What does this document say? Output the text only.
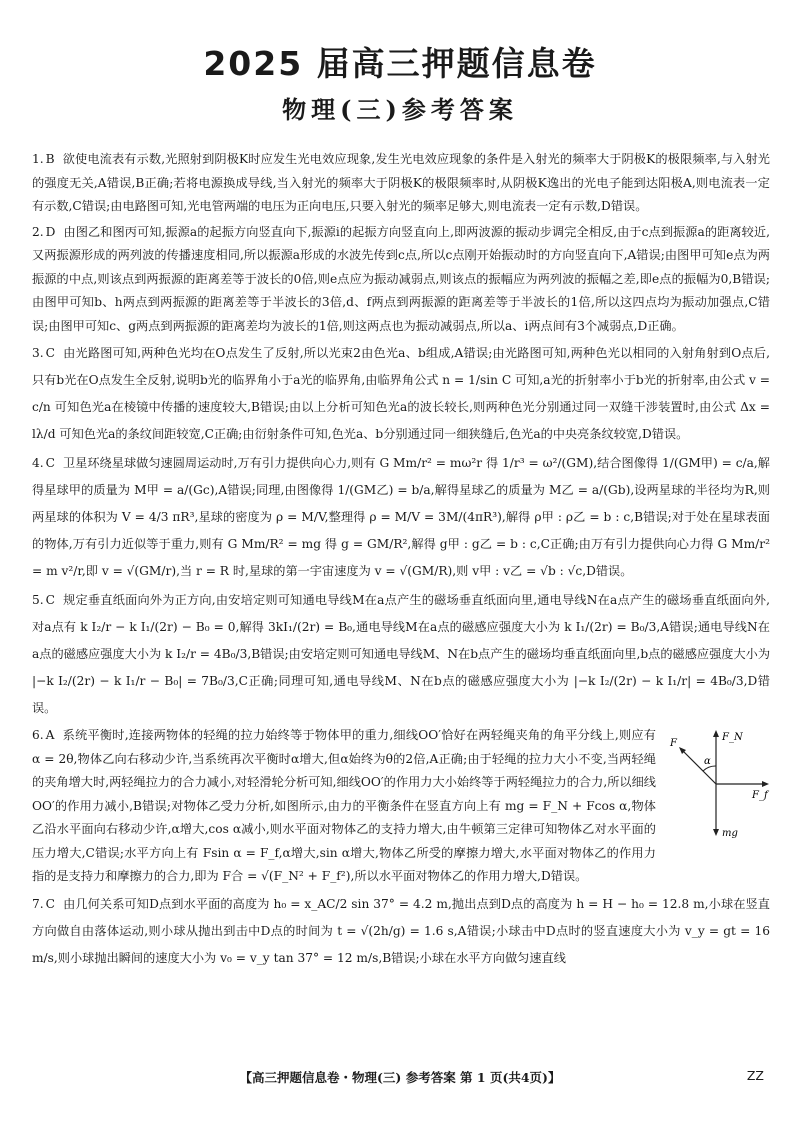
2025 届高三押题信息卷
物理(三)参考答案

1. B 欲使电流表有示数,光照射到阴极K时应发生光电效应现象,发生光电效应现象的条件是入射光的频率大于阴极K的极限频率,与入射光的强度无关,A错误,B正确;若将电源换成导线,当入射光的频率大于阴极K的极限频率时,从阴极K逸出的光电子能到达阳极A,则电流表一定有示数,C错误;由电路图可知,光电管两端的电压为正向电压,只要入射光的频率足够大,则电流表一定有示数,D错误。

2. D 由图乙和图丙可知,振源a的起振方向竖直向下,振源i的起振方向竖直向上,即两波源的振动步调完全相反,由于c点到振源a的距离较近,又两振源形成的两列波的传播速度相同,所以振源a形成的水波先传到c点,所以c点刚开始振动时的方向竖直向下,A错误;由图甲可知e点为两振源的中点,则该点到两振源的距离差等于波长的0倍,则e点应为振动减弱点,则该点的振幅应为两列波的振幅之差,即e点的振幅为0,B错误;由图甲可知b、h两点到两振源的距离差等于半波长的3倍,d、f两点到两振源的距离差等于半波长的1倍,所以这四点均为振动加强点,C错误;由图甲可知c、g两点到两振源的距离差均为波长的1倍,则这两点也为振动减弱点,所以a、i两点间有3个减弱点,D正确。

3. C 由光路图可知,两种色光均在O点发生了反射,所以光束2由色光a、b组成,A错误;由光路图可知,两种色光以相同的入射角射到O点后,只有b光在O点发生全反射,说明b光的临界角小于a光的临界角,由临界角公式 n = 1/sin C 可知,a光的折射率小于b光的折射率,由公式 v = c/n 可知色光a在棱镜中传播的速度较大,B错误;由以上分析可知色光a的波长较长,则两种色光分别通过同一双缝干涉装置时,由公式 Δx = lλ/d 可知色光a的条纹间距较宽,C正确;由衍射条件可知,色光a、b分别通过同一细狭缝后,色光a的中央亮条纹较宽,D错误。

4. C 卫星环绕星球做匀速圆周运动时,万有引力提供向心力,则有 G Mm/r² = mω²r 得 1/r³ = ω²/(GM),结合图像得 1/(GM甲) = c/a,解得星球甲的质量为 M甲 = a/(Gc),A错误;同理,由图像得 1/(GM乙) = b/a,解得星球乙的质量为 M乙 = a/(Gb),设两星球的半径均为R,则两星球的体积为 V = 4/3 πR³,星球的密度为 ρ = M/V,整理得 ρ = M/V = 3M/(4πR³),解得 ρ甲 : ρ乙 = b : c,B错误;对于处在星球表面的物体,万有引力近似等于重力,则有 G Mm/R² = mg 得 g = GM/R²,解得 g甲 : g乙 = b : c,C正确;由万有引力提供向心力得 G Mm/r² = m v²/r,即 v = √(GM/r),当 r = R 时,星球的第一宇宙速度为 v = √(GM/R),则 v甲 : v乙 = √b : √c,D错误。

5. C 规定垂直纸面向外为正方向,由安培定则可知通电导线M在a点产生的磁场垂直纸面向里,通电导线N在a点产生的磁场垂直纸面向外,对a点有 k I₂/r − k I₁/(2r) − B₀ = 0,解得 3kI₁/(2r) = B₀,通电导线M在a点的磁感应强度大小为 k I₁/(2r) = B₀/3,A错误;通电导线N在a点的磁感应强度大小为 k I₂/r = 4B₀/3,B错误;由安培定则可知通电导线M、N在b点产生的磁场均垂直纸面向里,b点的磁感应强度大小为 |−k I₂/(2r) − k I₁/r − B₀| = 7B₀/3,C正确;同理可知,通电导线M、N在b点的磁感应强度大小为 |−k I₂/(2r) − k I₁/r| = 4B₀/3,D错误。

F_N
F
α
F_f
mg
6. A 系统平衡时,连接两物体的轻绳的拉力始终等于物体甲的重力,细线OO′恰好在两轻绳夹角的角平分线上,则应有 α = 2θ,物体乙向右移动少许,当系统再次平衡时α增大,但α始终为θ的2倍,A正确;由于轻绳的拉力大小不变,当两轻绳的夹角增大时,两轻绳拉力的合力减小,对轻滑轮分析可知,细线OO′的作用力大小始终等于两轻绳拉力的合力,所以细线OO′的作用力减小,B错误;对物体乙受力分析,如图所示,由力的平衡条件在竖直方向上有 mg = F_N + Fcos α,物体乙沿水平面向右移动少许,α增大,cos α减小,则水平面对物体乙的支持力增大,由牛顿第三定律可知物体乙对水平面的压力增大,C错误;水平方向上有 Fsin α = F_f,α增大,sin α增大,物体乙所受的摩擦力增大,水平面对物体乙的作用力指的是支持力和摩擦力的合力,即为 F合 = √(F_N² + F_f²),所以水平面对物体乙的作用力增大,D错误。

7. C 由几何关系可知D点到水平面的高度为 h₀ = x_AC/2 sin 37° = 4.2 m,抛出点到D点的高度为 h = H − h₀ = 12.8 m,小球在竖直方向做自由落体运动,则小球从抛出到击中D点的时间为 t = √(2h/g) = 1.6 s,A错误;小球击中D点时的竖直速度大小为 v_y = gt = 16 m/s,则小球抛出瞬间的速度大小为 v₀ = v_y tan 37° = 12 m/s,B错误;小球在水平方向做匀速直线

【高三押题信息卷・物理(三) 参考答案 第 1 页(共4页)】	ZZ
